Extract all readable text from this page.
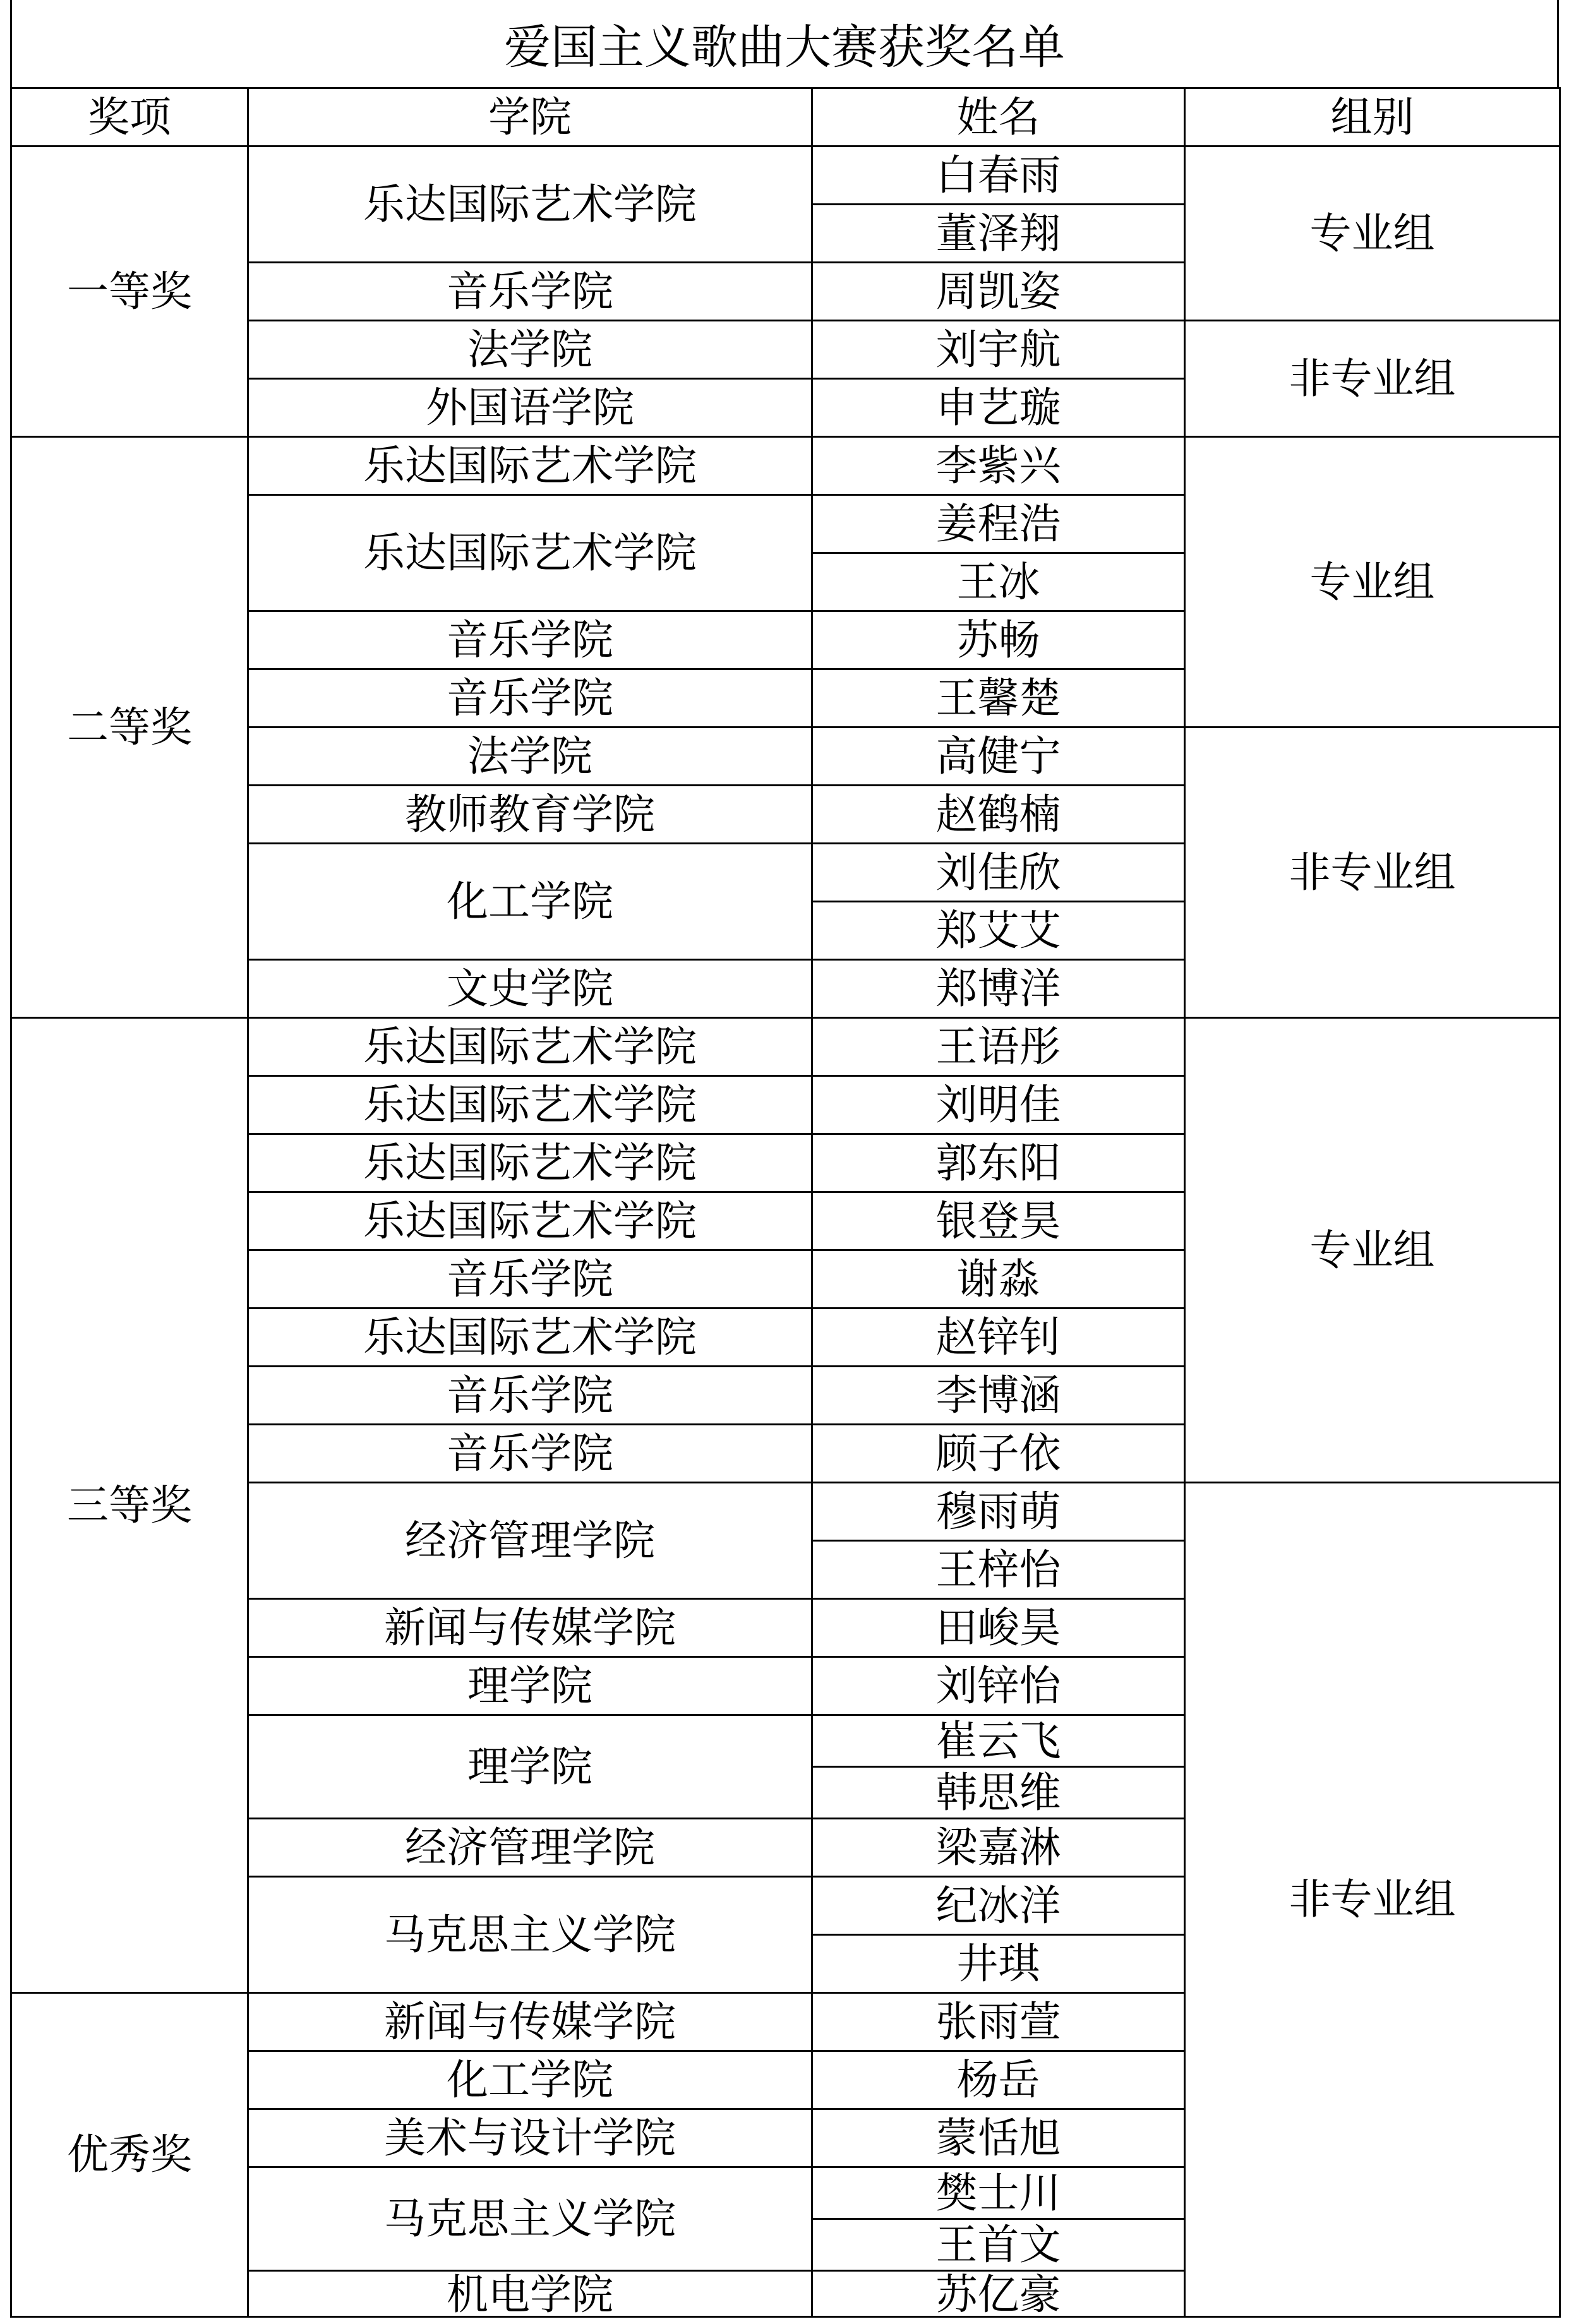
爱国主义歌曲大赛获奖名单
奖项	学院	姓名	组别
一等奖	乐达国际艺术学院	白春雨	专业组
		董泽翔	
	音乐学院	周凯姿	
	法学院	刘宇航	非专业组
	外国语学院	申艺璇	
二等奖	乐达国际艺术学院	李紫兴	专业组
	乐达国际艺术学院	姜程浩	
		王冰	
	音乐学院	苏畅	
	音乐学院	王馨楚	
	法学院	高健宁	非专业组
	教师教育学院	赵鹤楠	
	化工学院	刘佳欣	
		郑艾艾	
	文史学院	郑博洋	
三等奖	乐达国际艺术学院	王语彤	专业组
	乐达国际艺术学院	刘明佳	
	乐达国际艺术学院	郭东阳	
	乐达国际艺术学院	银登昊	
	音乐学院	谢淼	
	乐达国际艺术学院	赵锌钊	
	音乐学院	李博涵	
	音乐学院	顾子依	
	经济管理学院	穆雨萌	非专业组
		王梓怡	
	新闻与传媒学院	田峻昊	
	理学院	刘锌怡	
	理学院	崔云飞	
		韩思维	
	经济管理学院	梁嘉淋	
	马克思主义学院	纪冰洋	
		井琪	
优秀奖	新闻与传媒学院	张雨萱	
	化工学院	杨岳	
	美术与设计学院	蒙恬旭	
	马克思主义学院	樊士川	
		王首文	
	机电学院	苏亿豪	
